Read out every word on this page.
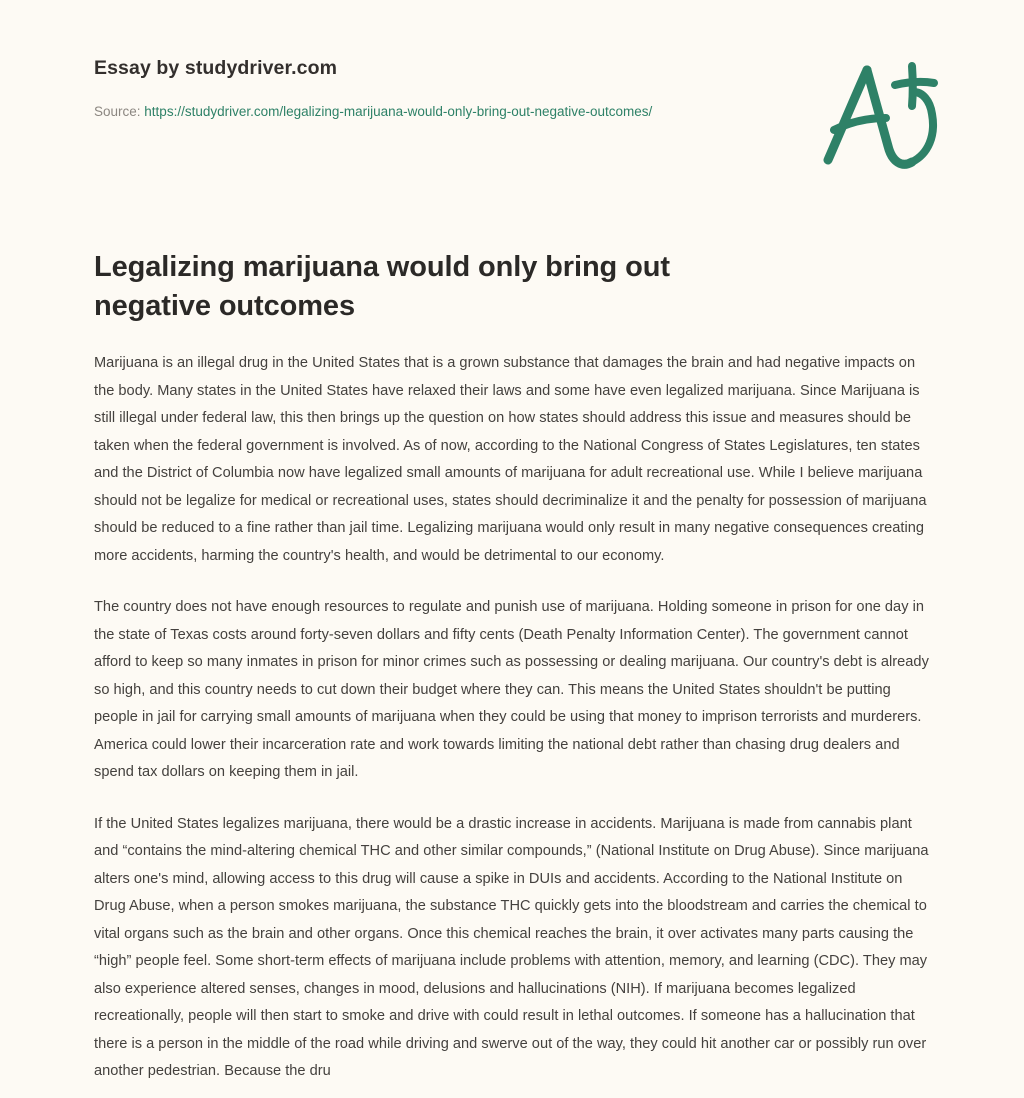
Essay by studydriver.com

Source: https://studydriver.com/legalizing-marijuana-would-only-bring-out-negative-outcomes/
Legalizing marijuana would only bring out negative outcomes

Marijuana is an illegal drug in the United States that is a grown substance that damages the brain and had negative impacts on the body. Many states in the United States have relaxed their laws and some have even legalized marijuana. Since Marijuana is still illegal under federal law, this then brings up the question on how states should address this issue and measures should be taken when the federal government is involved. As of now, according to the National Congress of States Legislatures, ten states and the District of Columbia now have legalized small amounts of marijuana for adult recreational use. While I believe marijuana should not be legalize for medical or recreational uses, states should decriminalize it and the penalty for possession of marijuana should be reduced to a fine rather than jail time. Legalizing marijuana would only result in many negative consequences creating more accidents, harming the country's health, and would be detrimental to our economy.

The country does not have enough resources to regulate and punish use of marijuana. Holding someone in prison for one day in the state of Texas costs around forty-seven dollars and fifty cents (Death Penalty Information Center). The government cannot afford to keep so many inmates in prison for minor crimes such as possessing or dealing marijuana. Our country's debt is already so high, and this country needs to cut down their budget where they can. This means the United States shouldn't be putting people in jail for carrying small amounts of marijuana when they could be using that money to imprison terrorists and murderers. America could lower their incarceration rate and work towards limiting the national debt rather than chasing drug dealers and spend tax dollars on keeping them in jail.

If the United States legalizes marijuana, there would be a drastic increase in accidents. Marijuana is made from cannabis plant and “contains the mind-altering chemical THC and other similar compounds,” (National Institute on Drug Abuse). Since marijuana alters one's mind, allowing access to this drug will cause a spike in DUIs and accidents. According to the National Institute on Drug Abuse, when a person smokes marijuana, the substance THC quickly gets into the bloodstream and carries the chemical to vital organs such as the brain and other organs. Once this chemical reaches the brain, it over activates many parts causing the “high” people feel. Some short-term effects of marijuana include problems with attention, memory, and learning (CDC). They may also experience altered senses, changes in mood, delusions and hallucinations (NIH). If marijuana becomes legalized recreationally, people will then start to smoke and drive with could result in lethal outcomes. If someone has a hallucination that there is a person in the middle of the road while driving and swerve out of the way, they could hit another car or possibly run over another pedestrian. Because the dru
